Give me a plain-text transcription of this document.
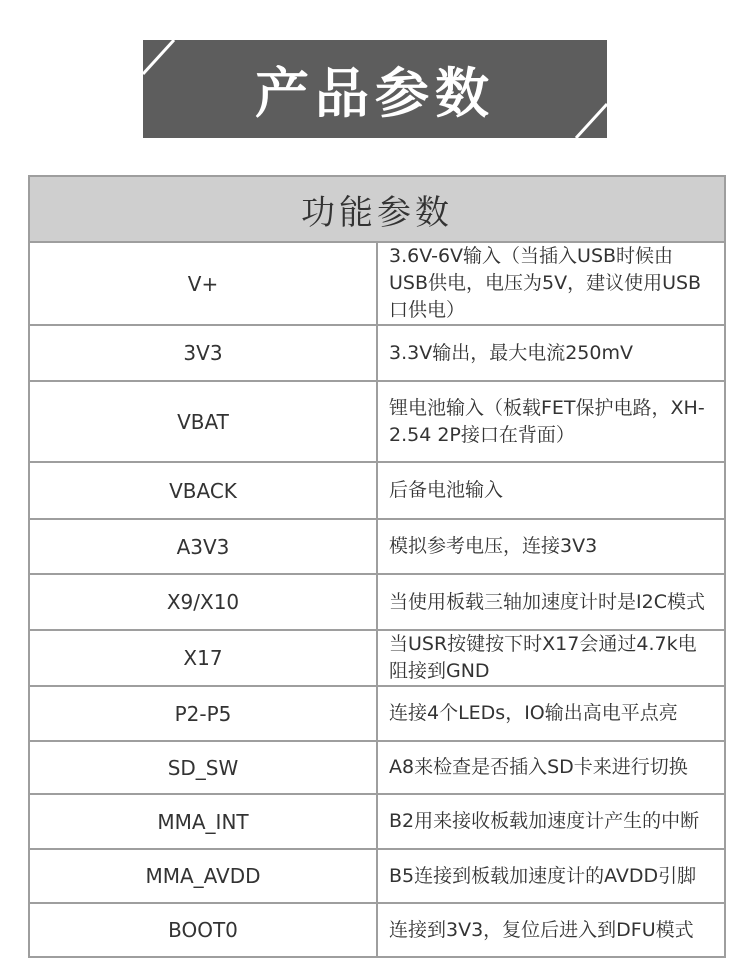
产品参数
功能参数	
V+	3.6V-6V输入（当插入USB时候由USB供电，电压为5V，建议使用USB口供电）
3V3	3.3V输出，最大电流250mV
VBAT	锂电池输入（板载FET保护电路，XH-2.54 2P接口在背面）
VBACK	后备电池输入
A3V3	模拟参考电压，连接3V3
X9/X10	当使用板载三轴加速度计时是I2C模式
X17	当USR按键按下时X17会通过4.7k电阻接到GND
P2-P5	连接4个LEDs，IO输出高电平点亮
SD_SW	A8来检查是否插入SD卡来进行切换
MMA_INT	B2用来接收板载加速度计产生的中断
MMA_AVDD	B5连接到板载加速度计的AVDD引脚
BOOT0	连接到3V3，复位后进入到DFU模式
